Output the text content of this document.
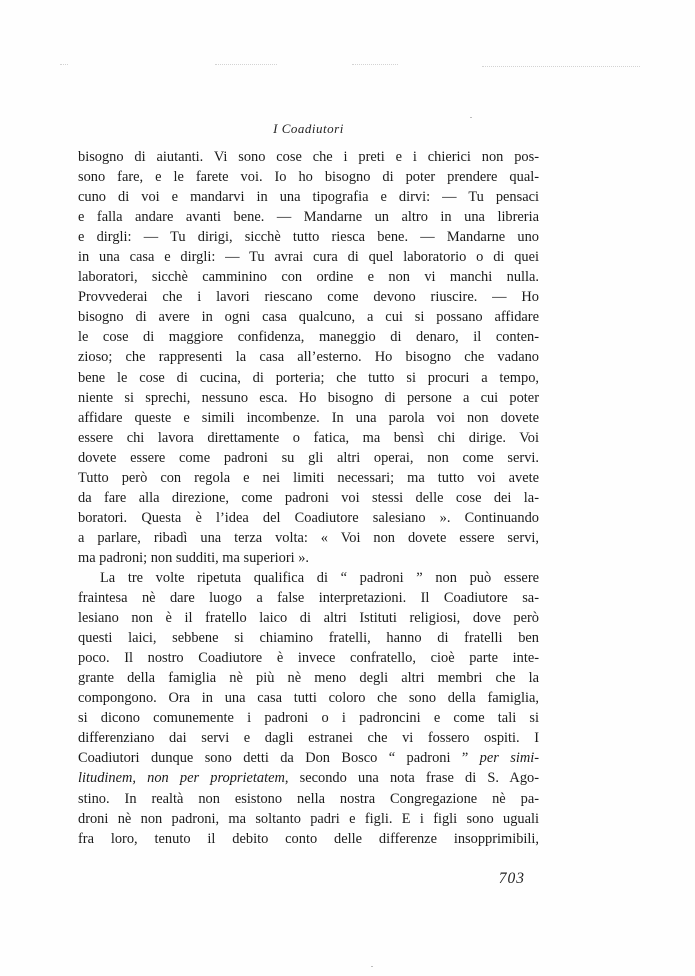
I Coadiutori
bisogno di aiutanti. Vi sono cose che i preti e i chierici non pos-
sono fare, e le farete voi. Io ho bisogno di poter prendere qual-
cuno di voi e mandarvi in una tipografia e dirvi: — Tu pensaci
e falla andare avanti bene. — Mandarne un altro in una libreria
e dirgli: — Tu dirigi, sicchè tutto riesca bene. — Mandarne uno
in una casa e dirgli: — Tu avrai cura di quel laboratorio o di quei
laboratori, sicchè camminino con ordine e non vi manchi nulla.
Provvederai che i lavori riescano come devono riuscire. — Ho
bisogno di avere in ogni casa qualcuno, a cui si possano affidare
le cose di maggiore confidenza, maneggio di denaro, il conten-
zioso; che rappresenti la casa all’esterno. Ho bisogno che vadano
bene le cose di cucina, di porteria; che tutto si procuri a tempo,
niente si sprechi, nessuno esca. Ho bisogno di persone a cui poter
affidare queste e simili incombenze. In una parola voi non dovete
essere chi lavora direttamente o fatica, ma bensì chi dirige. Voi
dovete essere come padroni su gli altri operai, non come servi.
Tutto però con regola e nei limiti necessari; ma tutto voi avete
da fare alla direzione, come padroni voi stessi delle cose dei la-
boratori. Questa è l’idea del Coadiutore salesiano ». Continuando
a parlare, ribadì una terza volta: « Voi non dovete essere servi,
ma padroni; non sudditi, ma superiori ».
La tre volte ripetuta qualifica di “ padroni ” non può essere
fraintesa nè dare luogo a false interpretazioni. Il Coadiutore sa-
lesiano non è il fratello laico di altri Istituti religiosi, dove però
questi laici, sebbene si chiamino fratelli, hanno di fratelli ben
poco. Il nostro Coadiutore è invece confratello, cioè parte inte-
grante della famiglia nè più nè meno degli altri membri che la
compongono. Ora in una casa tutti coloro che sono della famiglia,
si dicono comunemente i padroni o i padroncini e come tali si
differenziano dai servi e dagli estranei che vi fossero ospiti. I
Coadiutori dunque sono detti da Don Bosco “ padroni ” per simi-
litudinem, non per proprietatem, secondo una nota frase di S. Ago-
stino. In realtà non esistono nella nostra Congregazione nè pa-
droni nè non padroni, ma soltanto padri e figli. E i figli sono uguali
fra loro, tenuto il debito conto delle differenze insopprimibili,
703
